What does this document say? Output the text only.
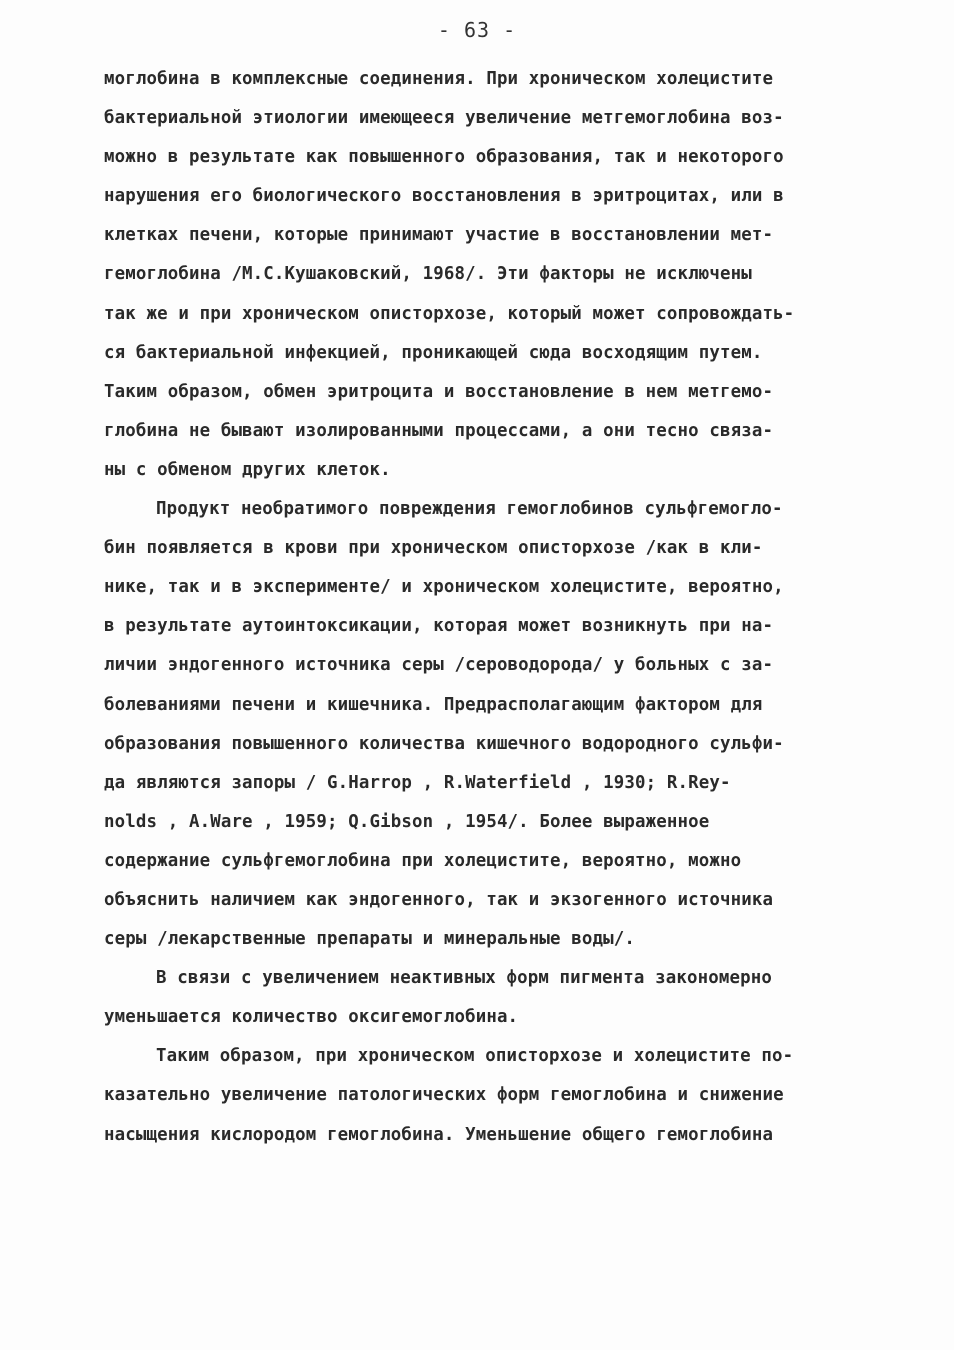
- 63 -
моглобина в комплексные соединения. При хроническом холецистите
бактериальной этиологии имеющееся увеличение метгемоглобина воз-
можно в результате как повышенного образования, так и некоторого
нарушения его биологического восстановления в эритроцитах, или в
клетках печени, которые принимают участие в восстановлении мет-
гемоглобина /М.С.Кушаковский, 1968/. Эти факторы не исключены
так же и при хроническом описторхозе, который может сопровождать-
ся бактериальной инфекцией, проникающей сюда восходящим путем.
Таким образом, обмен эритроцита и восстановление в нем метгемо-
глобина не бывают изолированными процессами, а они тесно связа-
ны с обменом других клеток.
Продукт необратимого повреждения гемоглобинов сульфгемогло-
бин появляется в крови при хроническом описторхозе /как в кли-
нике, так и в эксперименте/ и хроническом холецистите, вероятно,
в результате аутоинтоксикации, которая может возникнуть при на-
личии эндогенного источника серы /сероводорода/ у больных с за-
болеваниями печени и кишечника. Предрасполагающим фактором для
образования повышенного количества кишечного водородного сульфи-
да являются запоры / G.Harrop , R.Waterfield , 1930; R.Rey-
nolds , A.Ware , 1959; Q.Gibson , 1954/. Более выраженное
содержание сульфгемоглобина при холецистите, вероятно, можно
объяснить наличием как эндогенного, так и экзогенного источника
серы /лекарственные препараты и минеральные воды/.
В связи с увеличением неактивных форм пигмента закономерно
уменьшается количество оксигемоглобина.
Таким образом, при хроническом описторхозе и холецистите по-
казательно увеличение патологических форм гемоглобина и снижение
насыщения кислородом гемоглобина. Уменьшение общего гемоглобина
